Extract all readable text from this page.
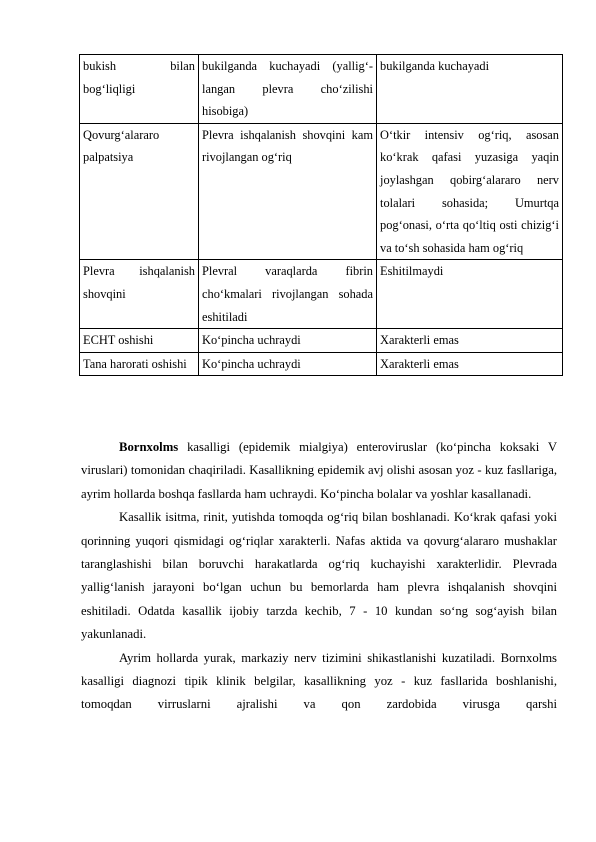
bukish bilan bog‘liqligi	bukilganda kuchayadi (yallig‘-langan plevra cho‘zilishi hisobiga)	bukilganda kuchayadi
Qovurg‘alararo palpatsiya	Plevra ishqalanish shovqini kam rivojlangan og‘riq	O‘tkir intensiv og‘riq, asosan ko‘krak qafasi yuzasiga yaqin joylashgan qobirg‘alararo nerv tolalari sohasida; Umurtqa pog‘onasi, o‘rta qo‘ltiq osti chizig‘i va to‘sh sohasida ham og‘riq
Plevra ishqalanish shovqini	Plevral varaqlarda fibrin cho‘kmalari rivojlangan sohada eshitiladi	Eshitilmaydi
ECHT oshishi	Ko‘pincha uchraydi	Xarakterli emas
Tana harorati oshishi	Ko‘pincha uchraydi	Xarakterli emas

Bornxolms kasalligi (epidemik mialgiya) enteroviruslar (ko‘pincha koksaki V viruslari) tomonidan chaqiriladi. Kasallikning epidemik avj olishi asosan yoz - kuz fasllariga, ayrim hollarda boshqa fasllarda ham uchraydi. Ko‘pincha bolalar va yoshlar kasallanadi.

Kasallik isitma, rinit, yutishda tomoqda og‘riq bilan boshlanadi. Ko‘krak qafasi yoki qorinning yuqori qismidagi og‘riqlar xarakterli. Nafas aktida va qovurg‘alararo mushaklar taranglashishi bilan boruvchi harakatlarda og‘riq kuchayishi xarakterlidir. Plevrada yallig‘lanish jarayoni bo‘lgan uchun bu bemorlarda ham plevra ishqalanish shovqini eshitiladi. Odatda kasallik ijobiy tarzda kechib, 7 - 10 kundan so‘ng sog‘ayish bilan yakunlanadi.

Ayrim hollarda yurak, markaziy nerv tizimini shikastlanishi kuzatiladi. Bornxolms kasalligi diagnozi tipik klinik belgilar, kasallikning yoz - kuz fasllarida boshlanishi, tomoqdan virruslarni ajralishi va qon zardobida virusga qarshi
